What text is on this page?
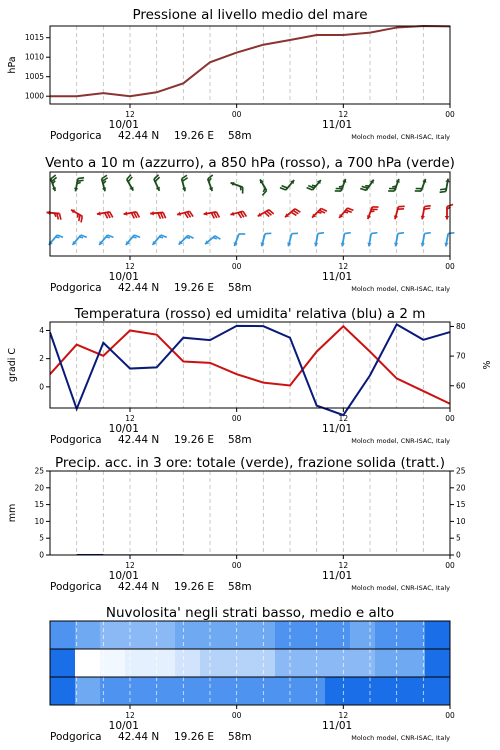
Pressione al livello medio del mare
1000
1005
1010
1015
hPa
12	00	12	00
10/01	11/01
Podgorica 42.44 N 19.26 E 58m	Moloch model, CNR-ISAC, Italy
Vento a 10 m (azzurro), a 850 hPa (rosso), a 700 hPa (verde)
12	00	12	00
10/01	11/01
Podgorica 42.44 N 19.26 E 58m	Moloch model, CNR-ISAC, Italy
Temperatura (rosso) ed umidita' relativa (blu) a 2 m
0
2
4
60
70
80
gradi C	%
12	00	12	00
10/01	11/01
Podgorica 42.44 N 19.26 E 58m	Moloch model, CNR-ISAC, Italy
Precip. acc. in 3 ore: totale (verde), frazione solida (tratt.)
0	0
5	5
10	10
15	15
20	20
25	25
mm
12	00	12	00
10/01	11/01
Podgorica 42.44 N 19.26 E 58m	Moloch model, CNR-ISAC, Italy
Nuvolosita' negli strati basso, medio e alto
12	00	12	00
10/01	11/01
Podgorica 42.44 N 19.26 E 58m	Moloch model, CNR-ISAC, Italy
